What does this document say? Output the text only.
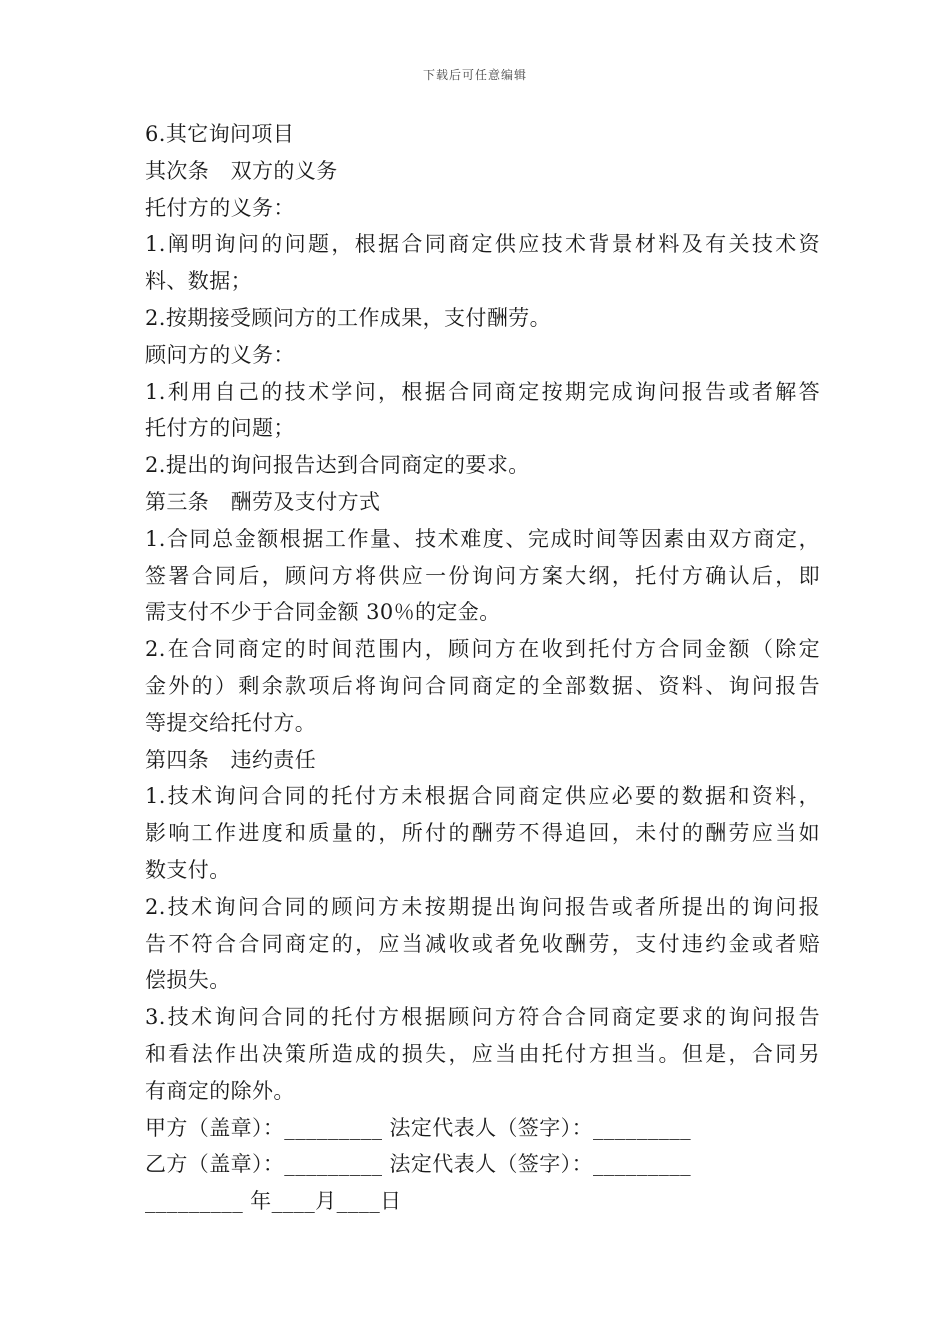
下载后可任意编辑
6.其它询问项目
其次条　双方的义务
托付方的义务：
1.阐明询问的问题，根据合同商定供应技术背景材料及有关技术资
料、数据；
2.按期接受顾问方的工作成果，支付酬劳。
顾问方的义务：
1.利用自己的技术学问，根据合同商定按期完成询问报告或者解答
托付方的问题；
2.提出的询问报告达到合同商定的要求。
第三条　酬劳及支付方式
1.合同总金额根据工作量、技术难度、完成时间等因素由双方商定，
签署合同后，顾问方将供应一份询问方案大纲，托付方确认后，即
需支付不少于合同金额 30％的定金。
2.在合同商定的时间范围内，顾问方在收到托付方合同金额（除定
金外的）剩余款项后将询问合同商定的全部数据、资料、询问报告
等提交给托付方。
第四条　违约责任
1.技术询问合同的托付方未根据合同商定供应必要的数据和资料，
影响工作进度和质量的，所付的酬劳不得追回，未付的酬劳应当如
数支付。
2.技术询问合同的顾问方未按期提出询问报告或者所提出的询问报
告不符合合同商定的，应当减收或者免收酬劳，支付违约金或者赔
偿损失。
3.技术询问合同的托付方根据顾问方符合合同商定要求的询问报告
和看法作出决策所造成的损失，应当由托付方担当。但是，合同另
有商定的除外。
甲方（盖章）：_________ 法定代表人（签字）：_________
乙方（盖章）：_________ 法定代表人（签字）：_________
_________ 年____月____日
